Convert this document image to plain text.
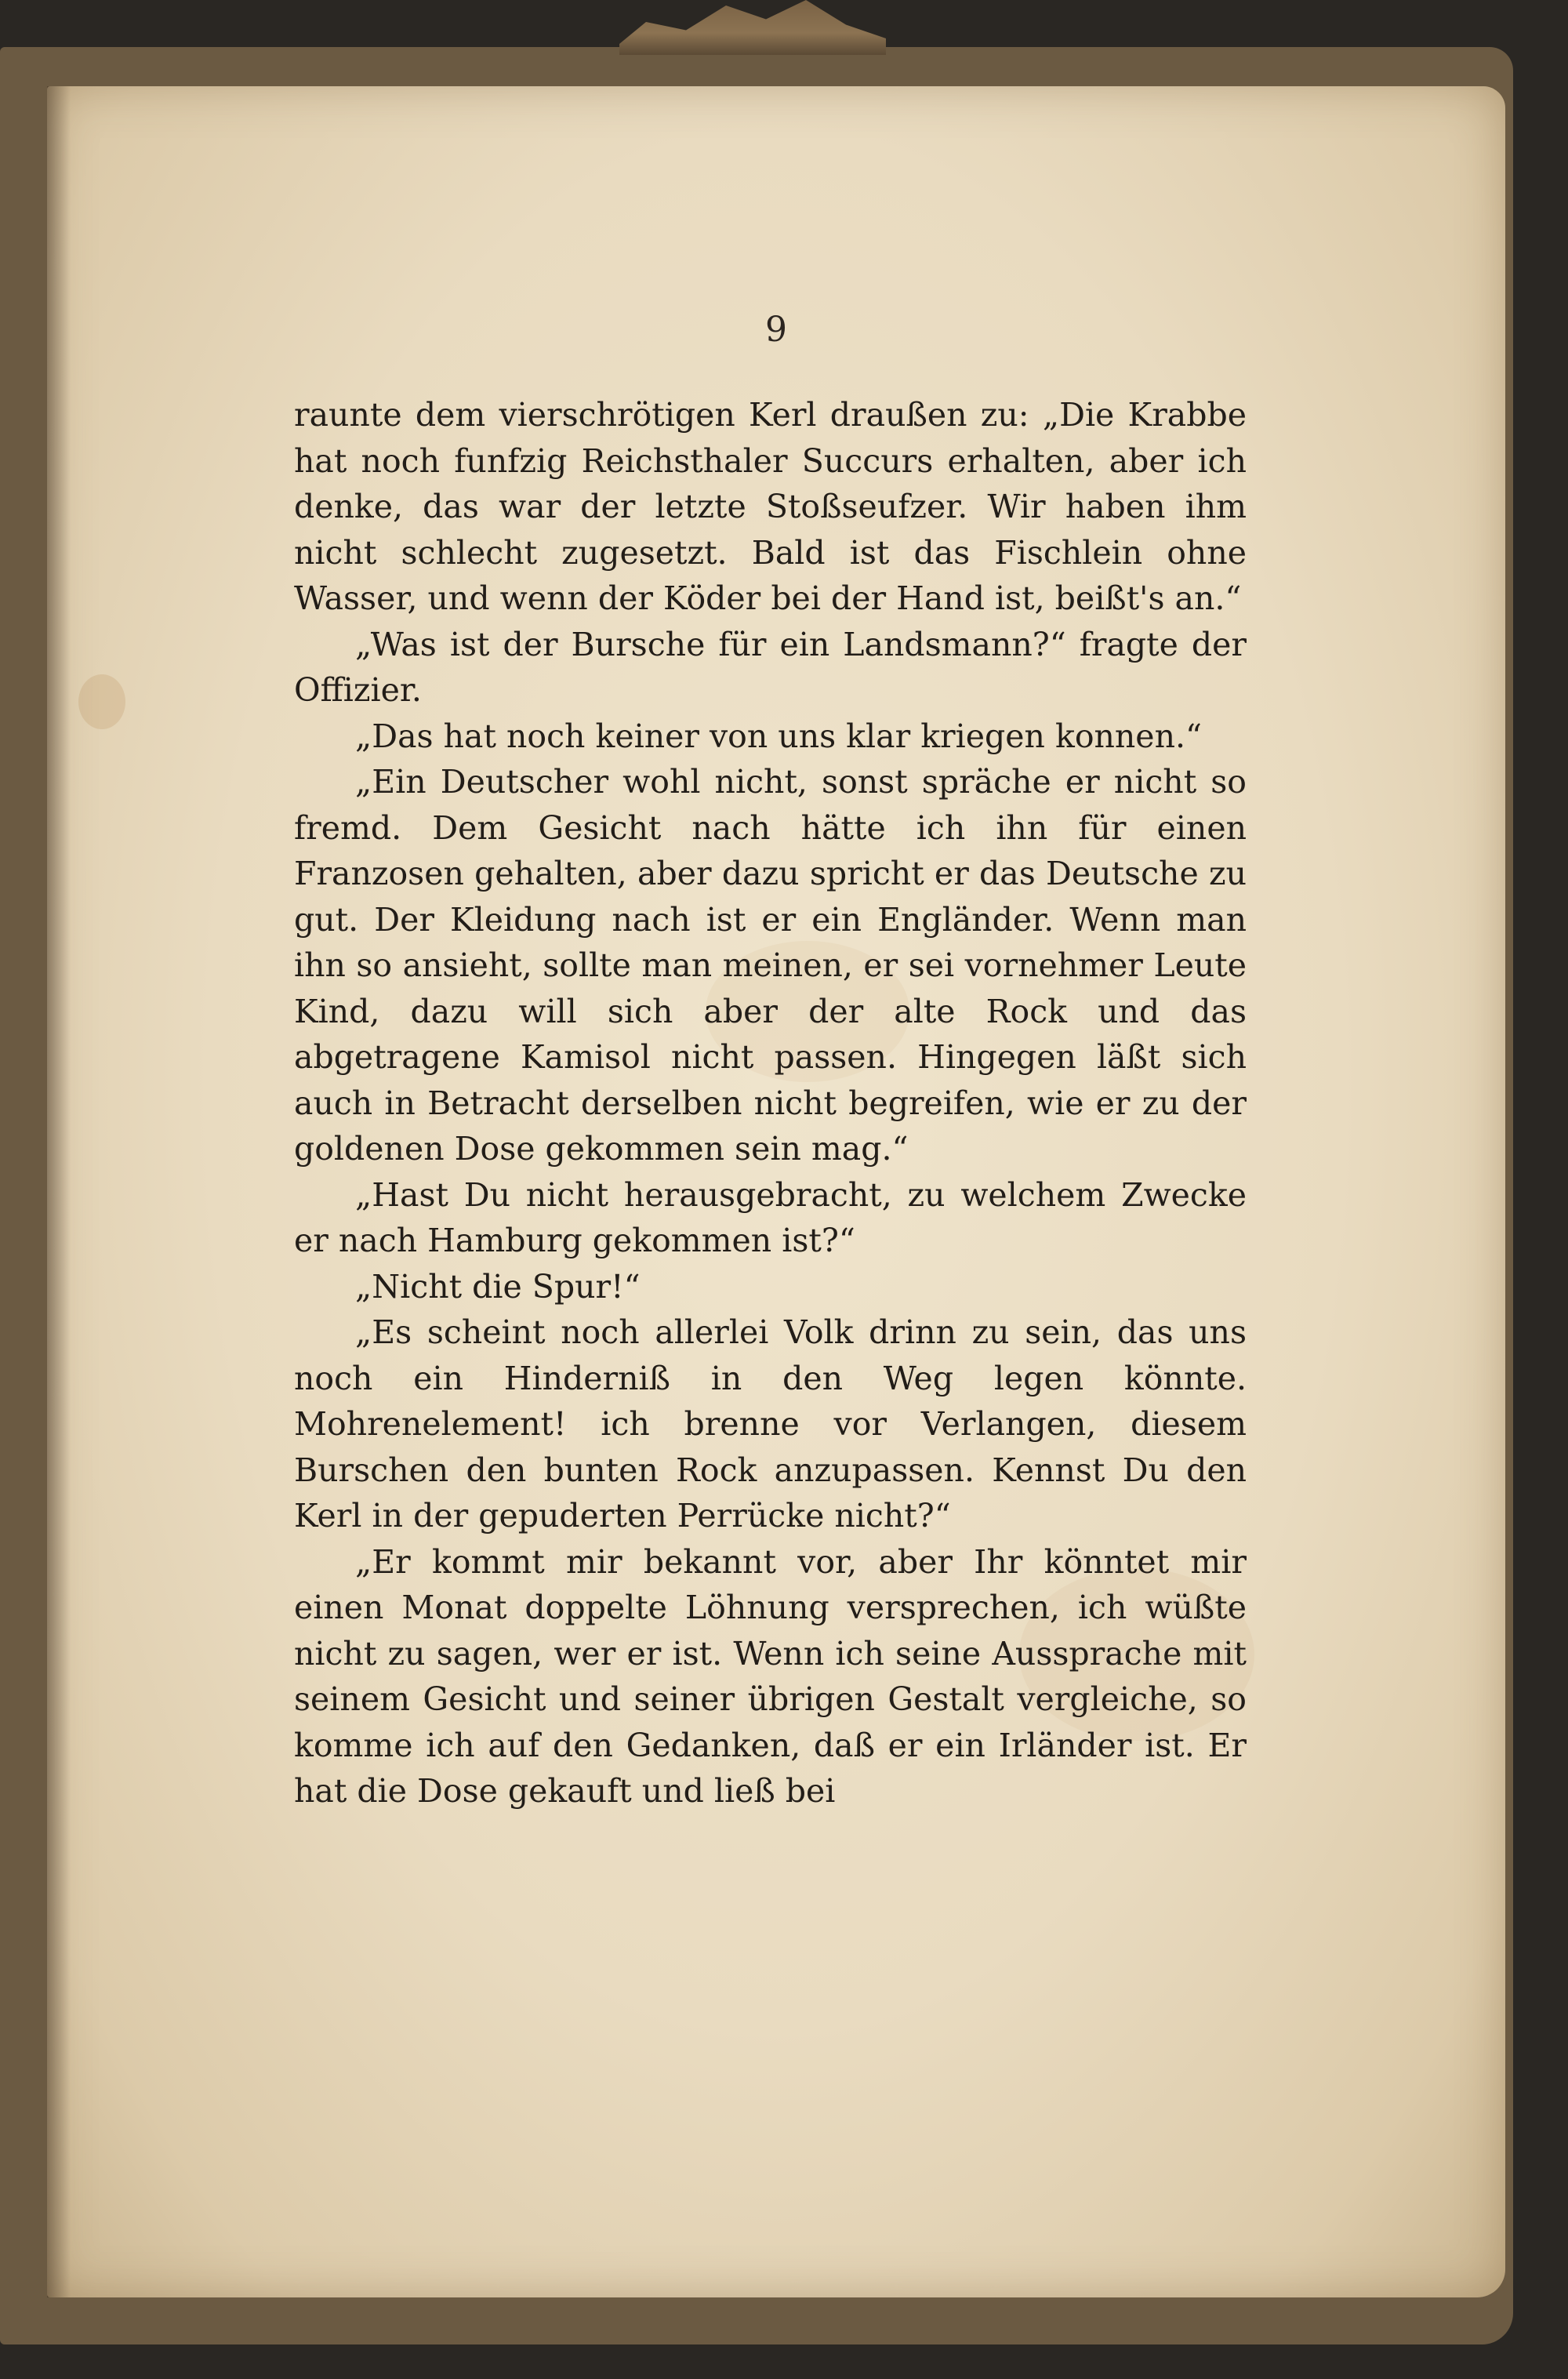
9

raunte dem vierschrötigen Kerl draußen zu: „Die Krabbe hat noch funfzig Reichsthaler Succurs erhalten, aber ich denke, das war der letzte Stoßseufzer. Wir haben ihm nicht schlecht zugesetzt. Bald ist das Fischlein ohne Wasser, und wenn der Köder bei der Hand ist, beißt's an.“

„Was ist der Bursche für ein Landsmann?“ fragte der Offizier.

„Das hat noch keiner von uns klar kriegen konnen.“

„Ein Deutscher wohl nicht, sonst spräche er nicht so fremd. Dem Gesicht nach hätte ich ihn für einen Franzosen gehalten, aber dazu spricht er das Deutsche zu gut. Der Kleidung nach ist er ein Engländer. Wenn man ihn so ansieht, sollte man meinen, er sei vornehmer Leute Kind, dazu will sich aber der alte Rock und das abgetragene Kamisol nicht passen. Hingegen läßt sich auch in Betracht derselben nicht begreifen, wie er zu der goldenen Dose gekommen sein mag.“

„Hast Du nicht herausgebracht, zu welchem Zwecke er nach Hamburg gekommen ist?“

„Nicht die Spur!“

„Es scheint noch allerlei Volk drinn zu sein, das uns noch ein Hinderniß in den Weg legen könnte. Mohrenelement! ich brenne vor Verlangen, diesem Burschen den bunten Rock anzupassen. Kennst Du den Kerl in der gepuderten Perrücke nicht?“

„Er kommt mir bekannt vor, aber Ihr könntet mir einen Monat doppelte Löhnung versprechen, ich wüßte nicht zu sagen, wer er ist. Wenn ich seine Aussprache mit seinem Gesicht und seiner übrigen Gestalt vergleiche, so komme ich auf den Gedanken, daß er ein Irländer ist. Er hat die Dose gekauft und ließ bei
